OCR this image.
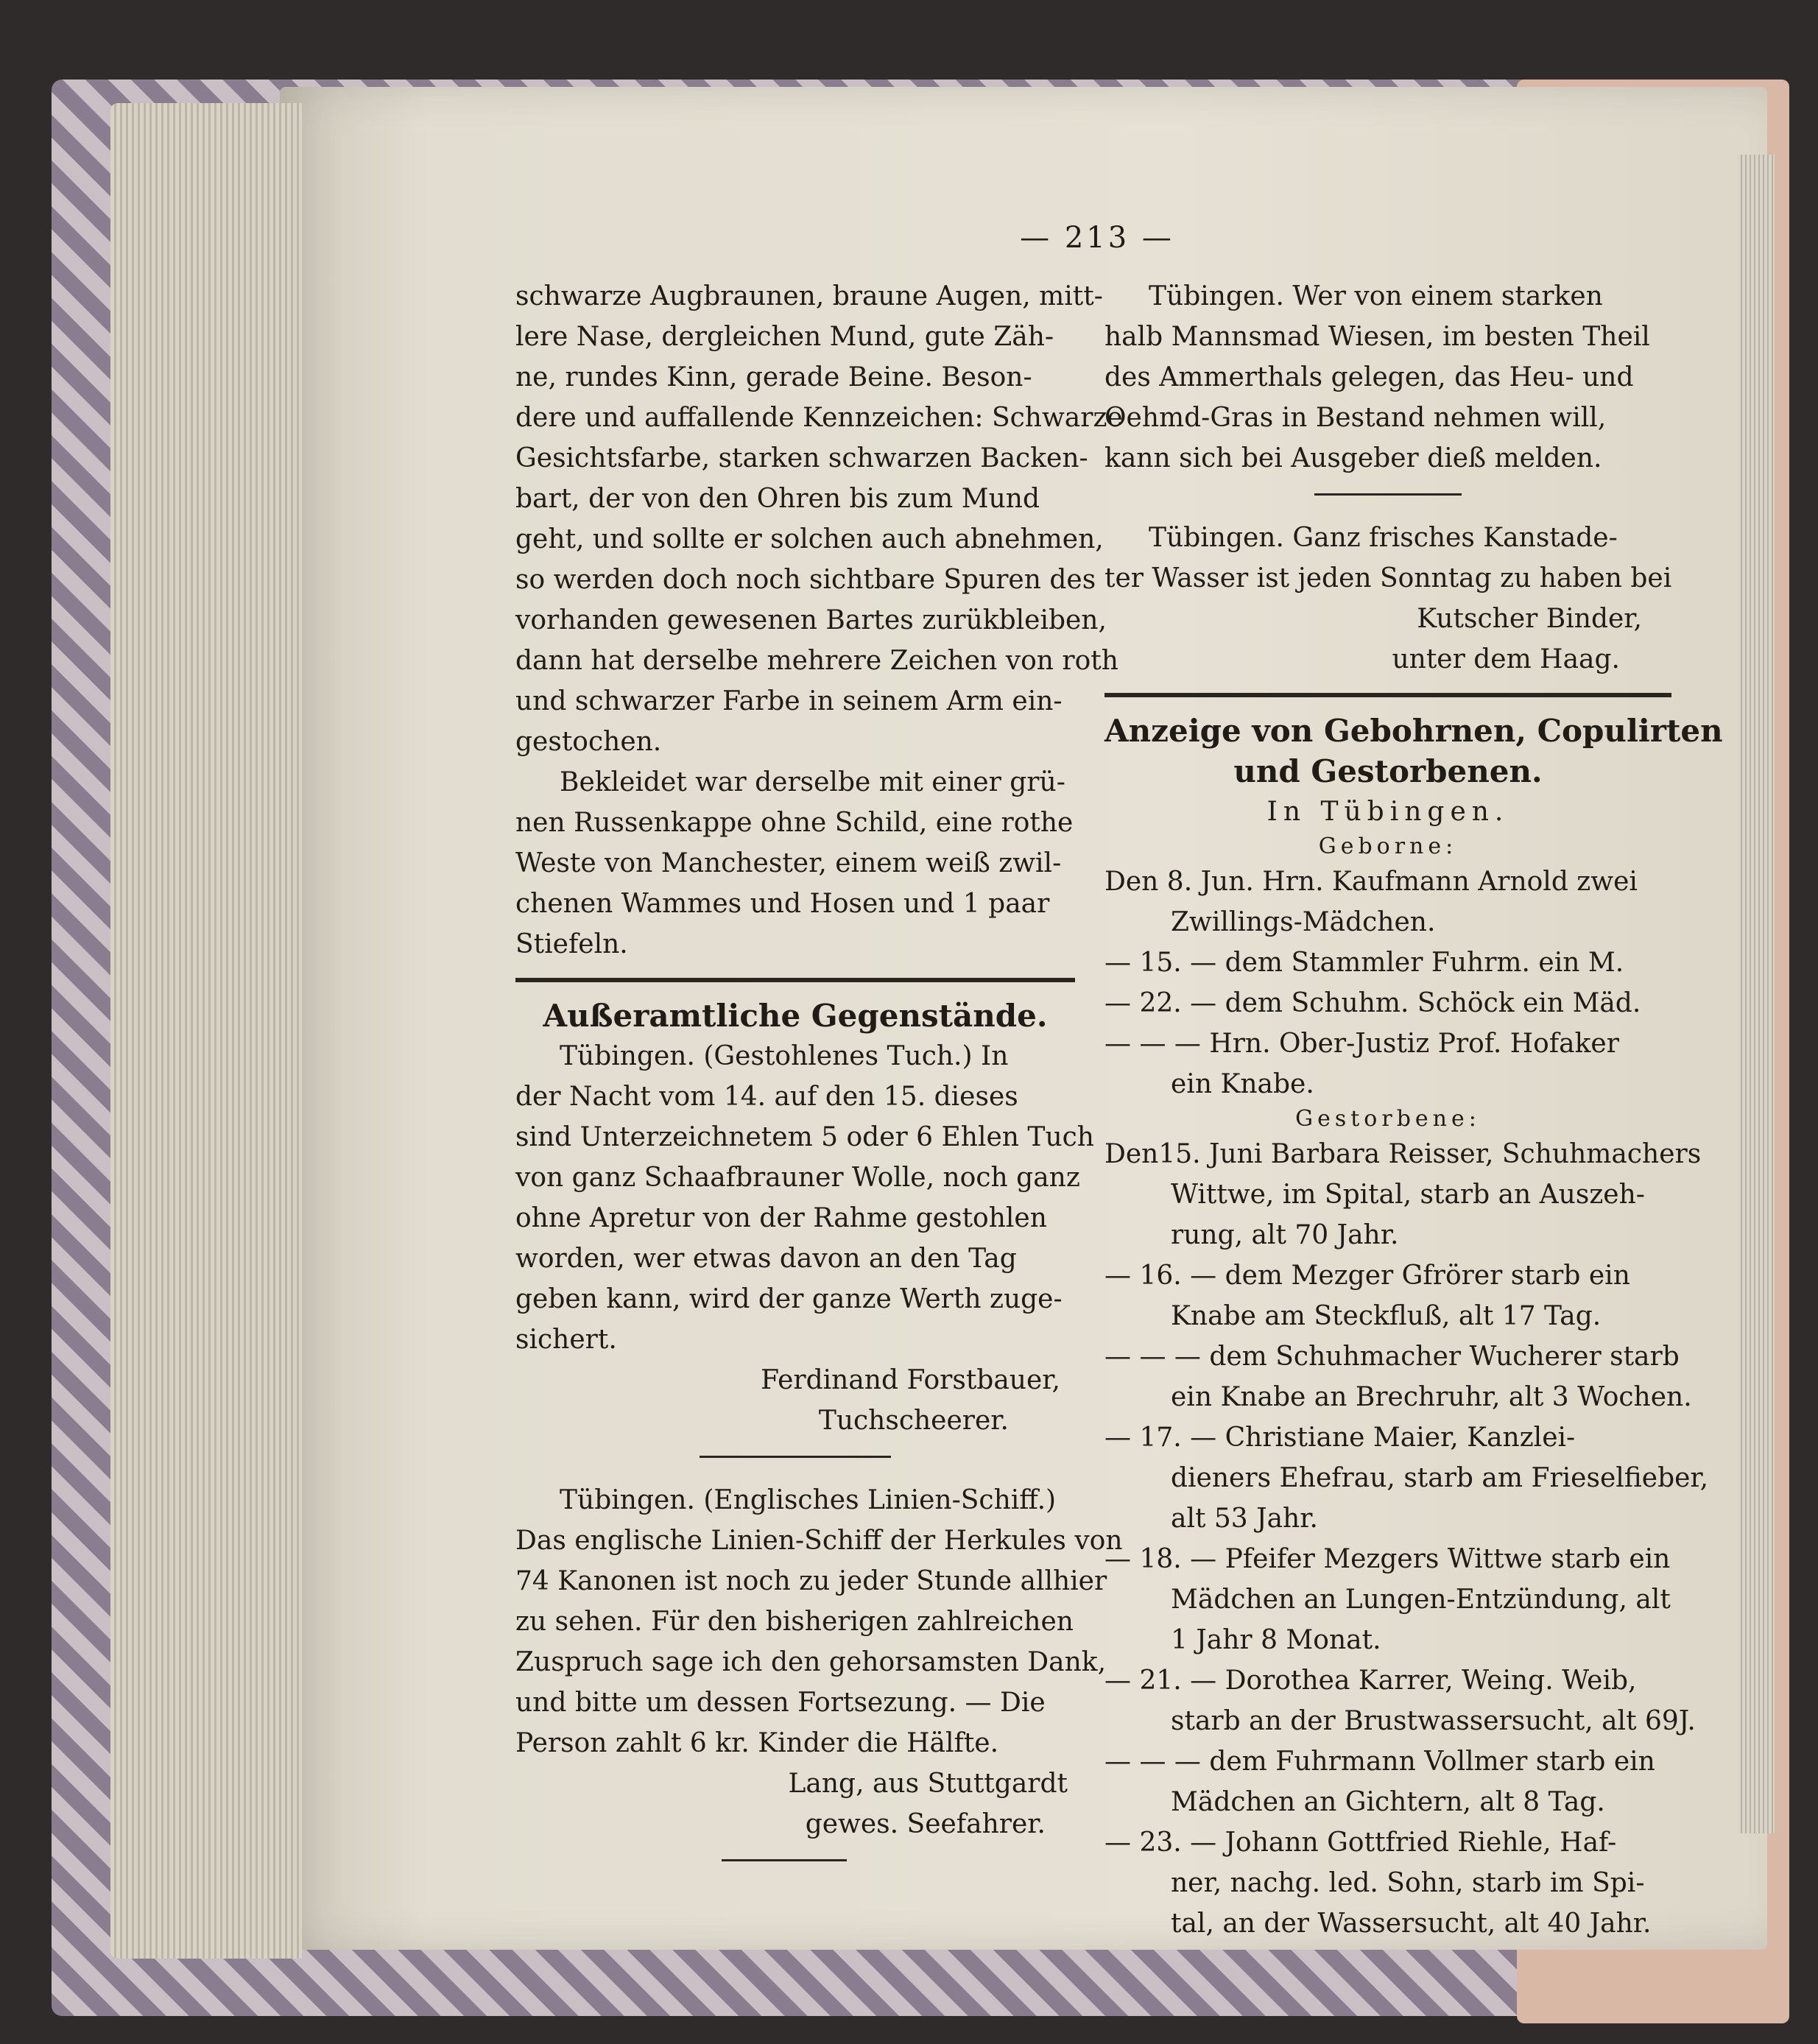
— 213 —
schwarze Augbraunen, braune Augen, mitt-
lere Nase, dergleichen Mund, gute Zäh-
ne, rundes Kinn, gerade Beine. Beson-
dere und auffallende Kennzeichen: Schwarze
Gesichtsfarbe, starken schwarzen Backen-
bart, der von den Ohren bis zum Mund
geht, und sollte er solchen auch abnehmen,
so werden doch noch sichtbare Spuren des
vorhanden gewesenen Bartes zurükbleiben,
dann hat derselbe mehrere Zeichen von roth
und schwarzer Farbe in seinem Arm ein-
gestochen.
Bekleidet war derselbe mit einer grü-
nen Russenkappe ohne Schild, eine rothe
Weste von Manchester, einem weiß zwil-
chenen Wammes und Hosen und 1 paar
Stiefeln.
Außeramtliche Gegenstände.
Tübingen. (Gestohlenes Tuch.) In
der Nacht vom 14. auf den 15. dieses
sind Unterzeichnetem 5 oder 6 Ehlen Tuch
von ganz Schaafbrauner Wolle, noch ganz
ohne Apretur von der Rahme gestohlen
worden, wer etwas davon an den Tag
geben kann, wird der ganze Werth zuge-
sichert.
Ferdinand Forstbauer,
Tuchscheerer.
Tübingen. (Englisches Linien-Schiff.)
Das englische Linien-Schiff der Herkules von
74 Kanonen ist noch zu jeder Stunde allhier
zu sehen. Für den bisherigen zahlreichen
Zuspruch sage ich den gehorsamsten Dank,
und bitte um dessen Fortsezung. — Die
Person zahlt 6 kr. Kinder die Hälfte.
Lang, aus Stuttgardt
gewes. Seefahrer.
Tübingen. Wer von einem starken
halb Mannsmad Wiesen, im besten Theil
des Ammerthals gelegen, das Heu- und
Oehmd-Gras in Bestand nehmen will,
kann sich bei Ausgeber dieß melden.
Tübingen. Ganz frisches Kanstade-
ter Wasser ist jeden Sonntag zu haben bei
Kutscher Binder,
unter dem Haag.
Anzeige von Gebohrnen, Copulirten
und Gestorbenen.
In Tübingen.
Geborne:
Den 8. Jun. Hrn. Kaufmann Arnold zwei
Zwillings-Mädchen.
— 15. — dem Stammler Fuhrm. ein M.
— 22. — dem Schuhm. Schöck ein Mäd.
— — — Hrn. Ober-Justiz Prof. Hofaker
ein Knabe.
Gestorbene:
Den15. Juni Barbara Reisser, Schuhmachers
Wittwe, im Spital, starb an Auszeh-
rung, alt 70 Jahr.
— 16. — dem Mezger Gfrörer starb ein
Knabe am Steckfluß, alt 17 Tag.
— — — dem Schuhmacher Wucherer starb
ein Knabe an Brechruhr, alt 3 Wochen.
— 17. — Christiane Maier, Kanzlei-
dieners Ehefrau, starb am Frieselfieber,
alt 53 Jahr.
— 18. — Pfeifer Mezgers Wittwe starb ein
Mädchen an Lungen-Entzündung, alt
1 Jahr 8 Monat.
— 21. — Dorothea Karrer, Weing. Weib,
starb an der Brustwassersucht, alt 69J.
— — — dem Fuhrmann Vollmer starb ein
Mädchen an Gichtern, alt 8 Tag.
— 23. — Johann Gottfried Riehle, Haf-
ner, nachg. led. Sohn, starb im Spi-
tal, an der Wassersucht, alt 40 Jahr.
